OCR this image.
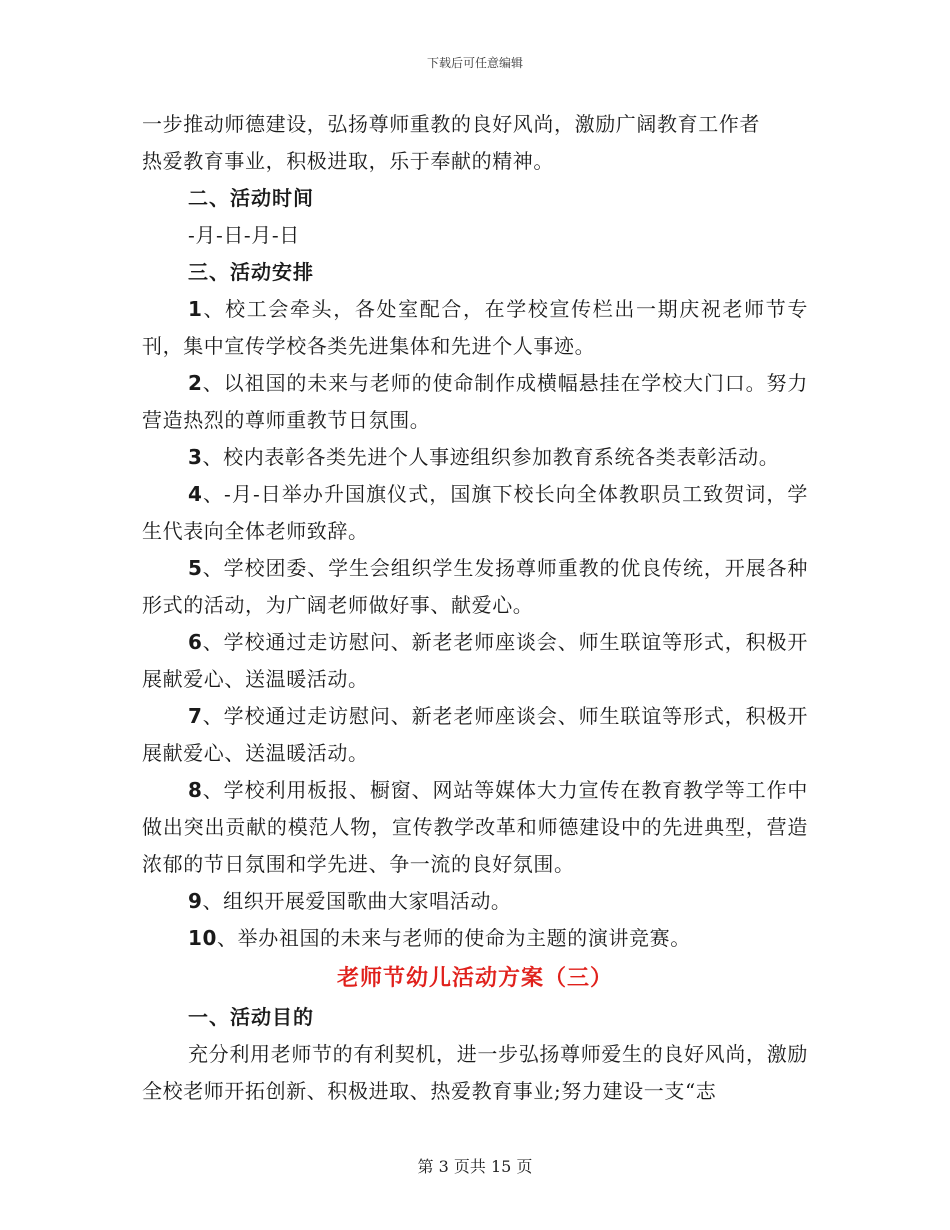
下载后可任意编辑

一步推动师德建设，弘扬尊师重教的良好风尚，激励广阔教育工作者

热爱教育事业，积极进取，乐于奉献的精神。

二、活动时间

-月-日-月-日

三、活动安排

1、校工会牵头，各处室配合，在学校宣传栏出一期庆祝老师节专刊，集中宣传学校各类先进集体和先进个人事迹。

2、以祖国的未来与老师的使命制作成横幅悬挂在学校大门口。努力营造热烈的尊师重教节日氛围。

3、校内表彰各类先进个人事迹组织参加教育系统各类表彰活动。

4、-月-日举办升国旗仪式，国旗下校长向全体教职员工致贺词，学生代表向全体老师致辞。

5、学校团委、学生会组织学生发扬尊师重教的优良传统，开展各种形式的活动，为广阔老师做好事、献爱心。

6、学校通过走访慰问、新老老师座谈会、师生联谊等形式，积极开展献爱心、送温暖活动。

7、学校通过走访慰问、新老老师座谈会、师生联谊等形式，积极开展献爱心、送温暖活动。

8、学校利用板报、橱窗、网站等媒体大力宣传在教育教学等工作中做出突出贡献的模范人物，宣传教学改革和师德建设中的先进典型，营造浓郁的节日氛围和学先进、争一流的良好氛围。

9、组织开展爱国歌曲大家唱活动。

10、举办祖国的未来与老师的使命为主题的演讲竞赛。

老师节幼儿活动方案（三）

一、活动目的

充分利用老师节的有利契机，进一步弘扬尊师爱生的良好风尚，激励全校老师开拓创新、积极进取、热爱教育事业;努力建设一支“志

第 3 页共 15 页
